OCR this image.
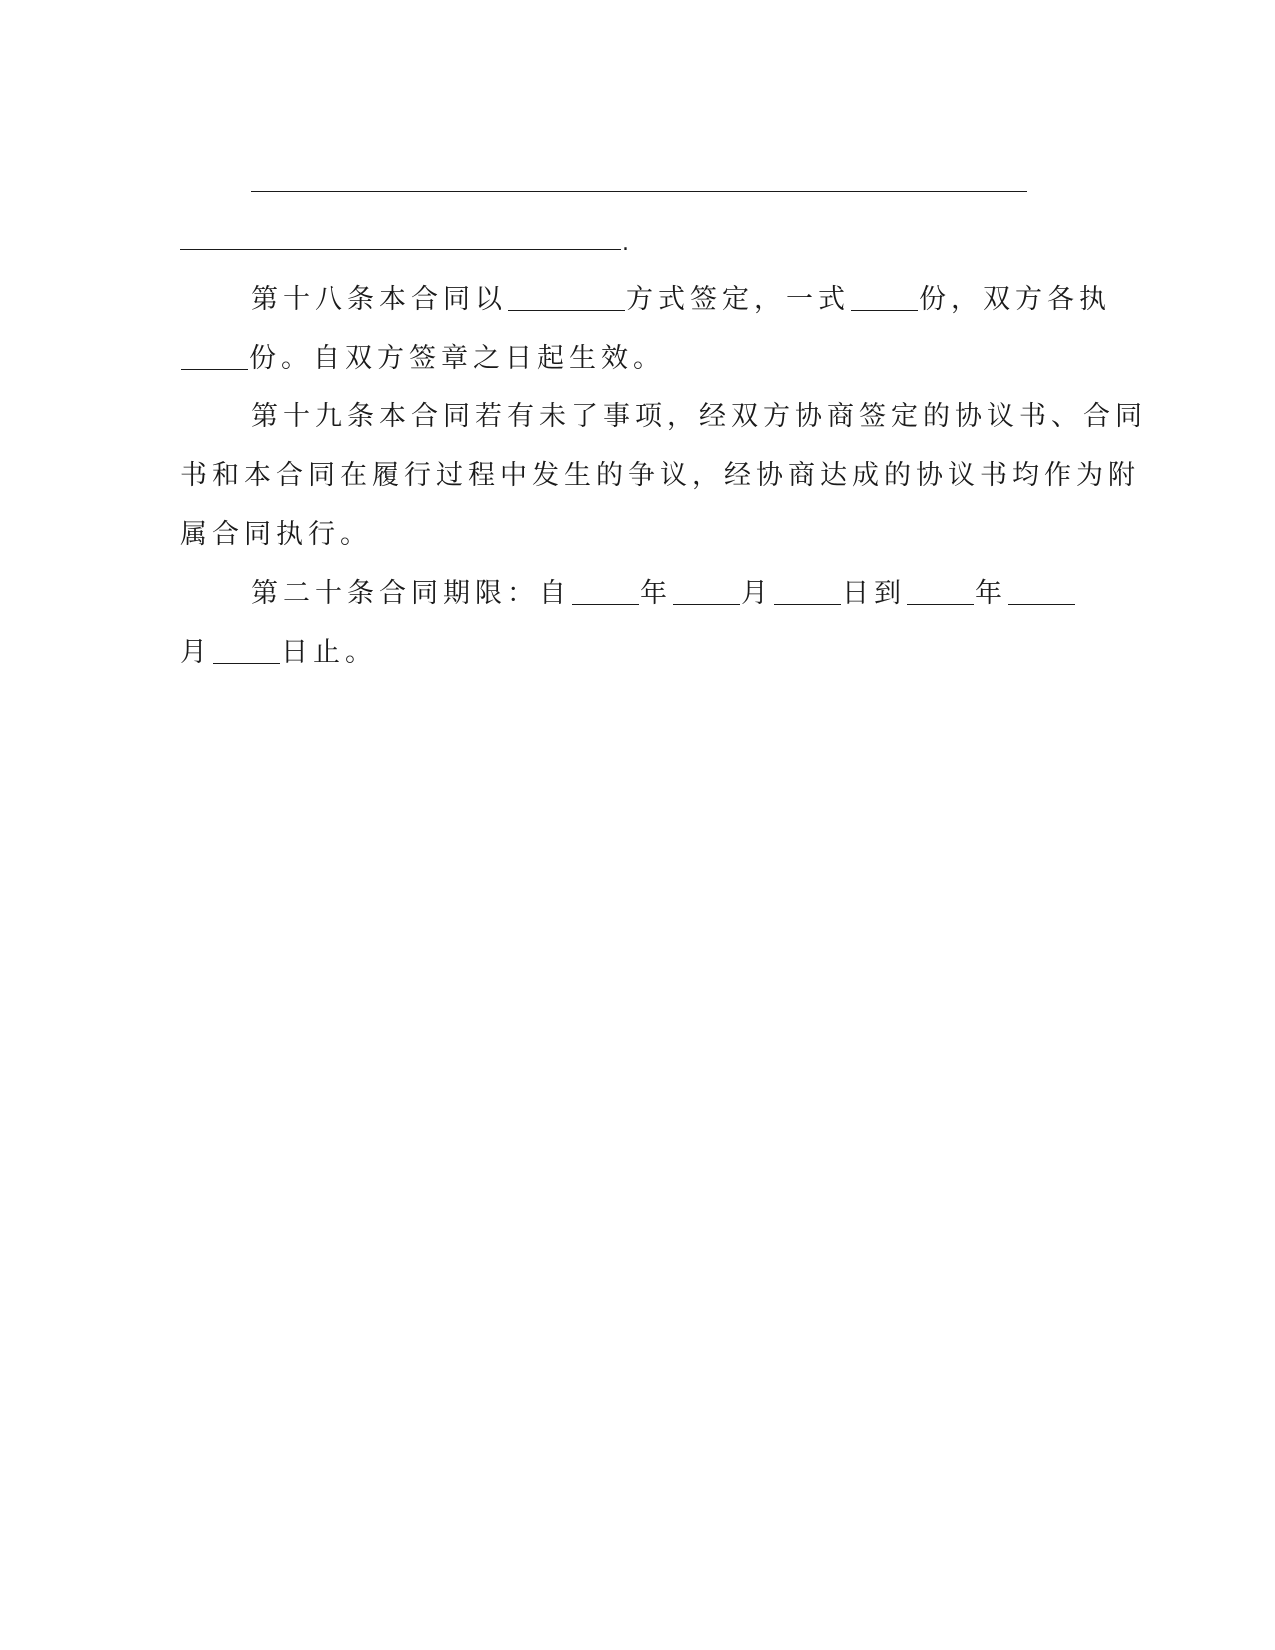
.
第十八条本合同以	方式签定，一式	份，双方各执
份。自双方签章之日起生效。
第十九条本合同若有未了事项，经双方协商签定的协议书、合同
书和本合同在履行过程中发生的争议，经协商达成的协议书均作为附
属合同执行。
第二十条合同期限：自	年	月	日到	年
月	日止。
